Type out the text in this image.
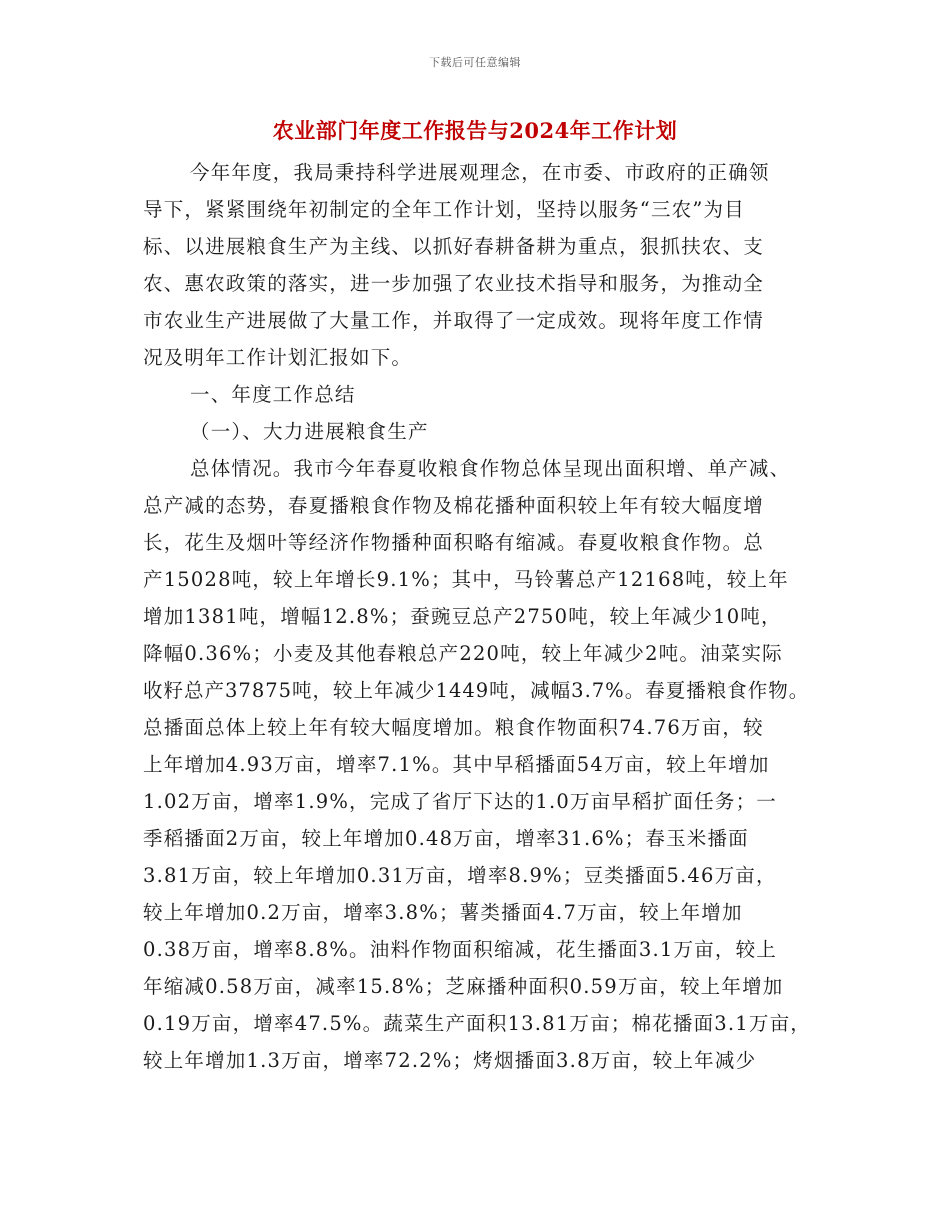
下载后可任意编辑
农业部门年度工作报告与2024年工作计划
今年年度，我局秉持科学进展观理念，在市委、市政府的正确领
导下，紧紧围绕年初制定的全年工作计划，坚持以服务“三农”为目
标、以进展粮食生产为主线、以抓好春耕备耕为重点，狠抓扶农、支
农、惠农政策的落实，进一步加强了农业技术指导和服务，为推动全
市农业生产进展做了大量工作，并取得了一定成效。现将年度工作情
况及明年工作计划汇报如下。
一、年度工作总结
（一）、大力进展粮食生产
总体情况。我市今年春夏收粮食作物总体呈现出面积增、单产减、
总产减的态势，春夏播粮食作物及棉花播种面积较上年有较大幅度增
长，花生及烟叶等经济作物播种面积略有缩减。春夏收粮食作物。总
产15028吨，较上年增长9.1%；其中，马铃薯总产12168吨，较上年
增加1381吨，增幅12.8%；蚕豌豆总产2750吨，较上年减少10吨，
降幅0.36%；小麦及其他春粮总产220吨，较上年减少2吨。油菜实际
收籽总产37875吨，较上年减少1449吨，减幅3.7%。春夏播粮食作物。
总播面总体上较上年有较大幅度增加。粮食作物面积74.76万亩，较
上年增加4.93万亩，增率7.1%。其中早稻播面54万亩，较上年增加
1.02万亩，增率1.9%，完成了省厅下达的1.0万亩早稻扩面任务；一
季稻播面2万亩，较上年增加0.48万亩，增率31.6%；春玉米播面
3.81万亩，较上年增加0.31万亩，增率8.9%；豆类播面5.46万亩，
较上年增加0.2万亩，增率3.8%；薯类播面4.7万亩，较上年增加
0.38万亩，增率8.8%。油料作物面积缩减，花生播面3.1万亩，较上
年缩减0.58万亩，减率15.8%；芝麻播种面积0.59万亩，较上年增加
0.19万亩，增率47.5%。蔬菜生产面积13.81万亩；棉花播面3.1万亩，
较上年增加1.3万亩，增率72.2%；烤烟播面3.8万亩，较上年减少
